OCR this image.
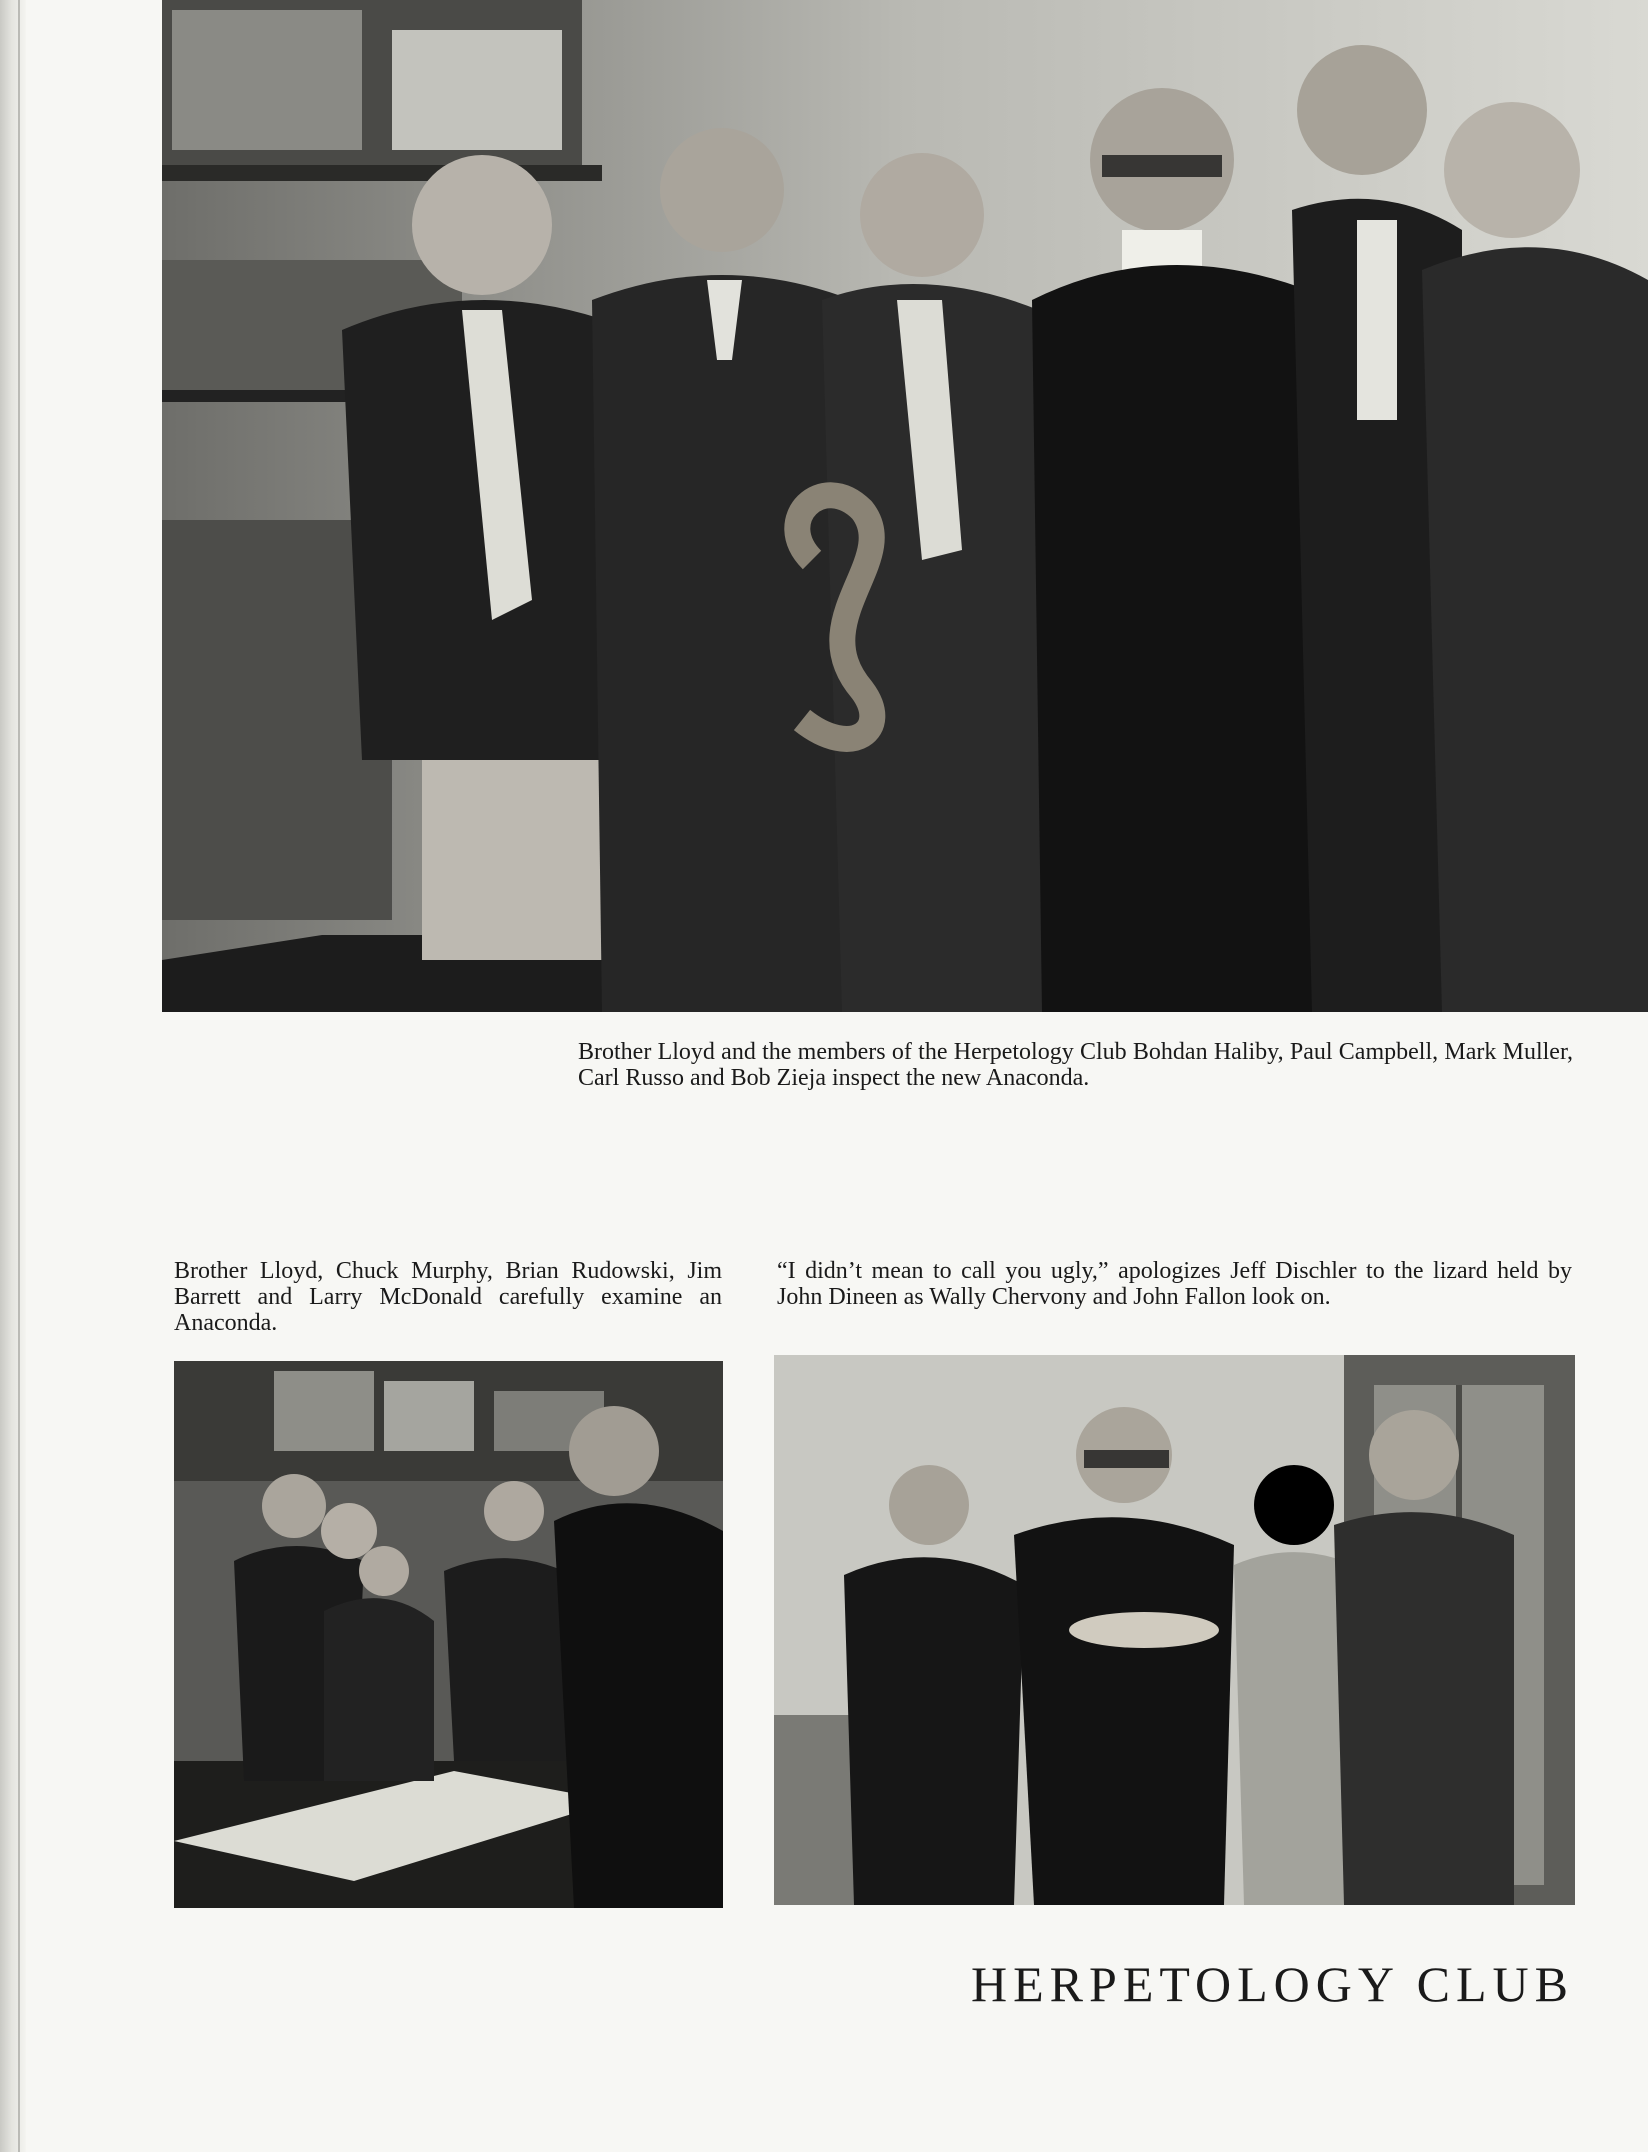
Brother Lloyd and the members of the Herpetology Club Bohdan Haliby, Paul Campbell, Mark Muller, Carl Russo and Bob Zieja inspect the new Anaconda.

Brother Lloyd, Chuck Murphy, Brian Rudowski, Jim Barrett and Larry McDonald carefully examine an Anaconda.

“I didn’t mean to call you ugly,” apologizes Jeff Dischler to the lizard held by John Dineen as Wally Chervony and John Fallon look on.

HERPETOLOGY CLUB
